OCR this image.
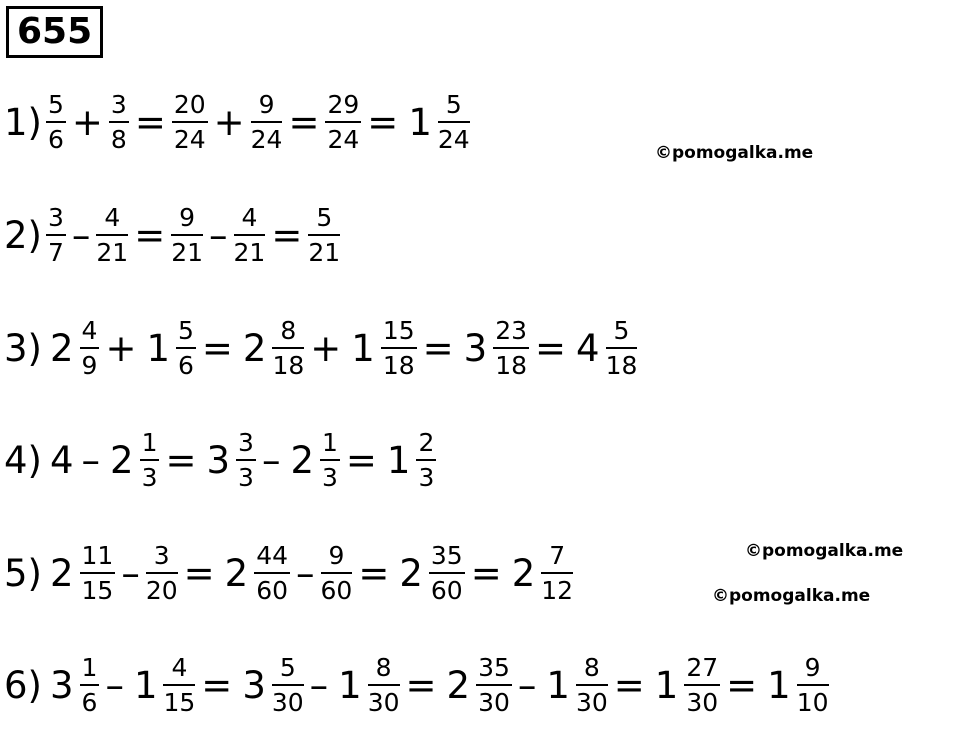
655
$1) \frac{5}{6} + \frac{3}{8} = \frac{20}{24} + \frac{9}{24} = \frac{29}{24} = 1 \frac{5}{24}$
$2) \frac{3}{7} - \frac{4}{21} = \frac{9}{21} - \frac{4}{21} = \frac{5}{21}$
3) $2 \frac{4}{9} + 1 \frac{5}{6} = 2 \frac{8}{18} + 1 \frac{15}{18} = 3 \frac{23}{18} = 4 \frac{5}{18}$
4) $4 - 2 \frac{1}{3} = 3 \frac{3}{3} - 2 \frac{1}{3} = 1 \frac{2}{3}$
5) $2 \frac{11}{15} - \frac{3}{20} = 2 \frac{44}{60} - \frac{9}{60} = 2 \frac{35}{60} = 2 \frac{7}{12}$
6) $3 \frac{1}{6} - 1 \frac{4}{15} = 3 \frac{5}{30} - 1 \frac{8}{30} = 2 \frac{35}{30} - 1 \frac{8}{30} = 1 \frac{27}{30} = 1 \frac{9}{10}$
©pomogalka.me
©pomogalka.me
©pomogalka.me
